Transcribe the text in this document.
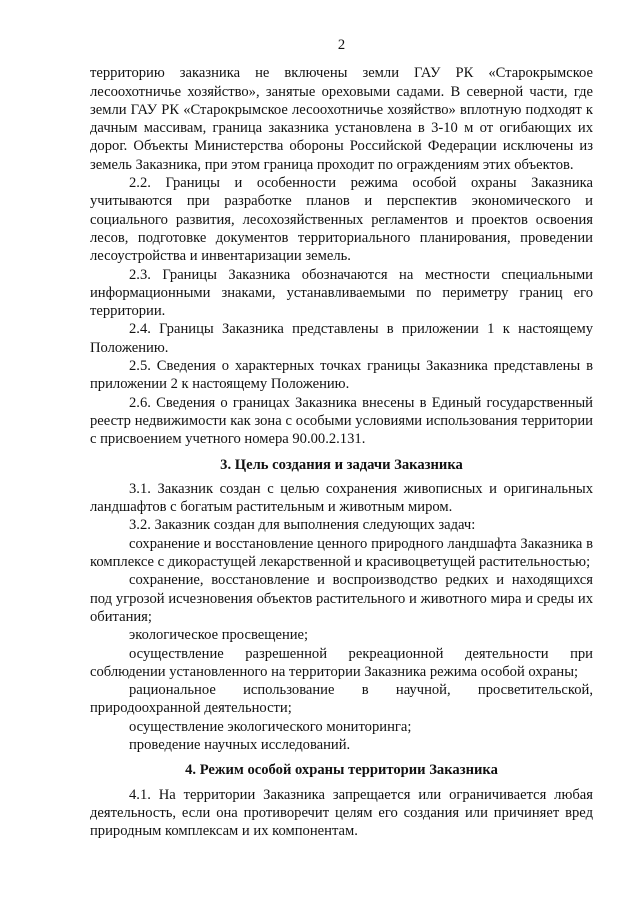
2

территорию заказника не включены земли ГАУ РК «Старокрымское лесоохотничье хозяйство», занятые ореховыми садами. В северной части, где земли ГАУ РК «Старокрымское лесоохотничье хозяйство» вплотную подходят к дачным массивам, граница заказника установлена в 3-10 м от огибающих их дорог. Объекты Министерства обороны Российской Федерации исключены из земель Заказника, при этом граница проходит по ограждениям этих объектов.

2.2. Границы и особенности режима особой охраны Заказника учитываются при разработке планов и перспектив экономического и социального развития, лесохозяйственных регламентов и проектов освоения лесов, подготовке документов территориального планирования, проведении лесоустройства и инвентаризации земель.

2.3. Границы Заказника обозначаются на местности специальными информационными знаками, устанавливаемыми по периметру границ его территории.

2.4. Границы Заказника представлены в приложении 1 к настоящему Положению.

2.5. Сведения о характерных точках границы Заказника представлены в приложении 2 к настоящему Положению.

2.6. Сведения о границах Заказника внесены в Единый государственный реестр недвижимости как зона с особыми условиями использования территории с присвоением учетного номера 90.00.2.131.

3. Цель создания и задачи Заказника

3.1. Заказник создан с целью сохранения живописных и оригинальных ландшафтов с богатым растительным и животным миром.

3.2. Заказник создан для выполнения следующих задач:

сохранение и восстановление ценного природного ландшафта Заказника в комплексе с дикорастущей лекарственной и красивоцветущей растительностью;

сохранение, восстановление и воспроизводство редких и находящихся под угрозой исчезновения объектов растительного и животного мира и среды их обитания;

экологическое просвещение;

осуществление разрешенной рекреационной деятельности при соблюдении установленного на территории Заказника режима особой охраны;

рациональное использование в научной, просветительской, природоохранной деятельности;

осуществление экологического мониторинга;

проведение научных исследований.

4. Режим особой охраны территории Заказника

4.1. На территории Заказника запрещается или ограничивается любая деятельность, если она противоречит целям его создания или причиняет вред природным комплексам и их компонентам.
